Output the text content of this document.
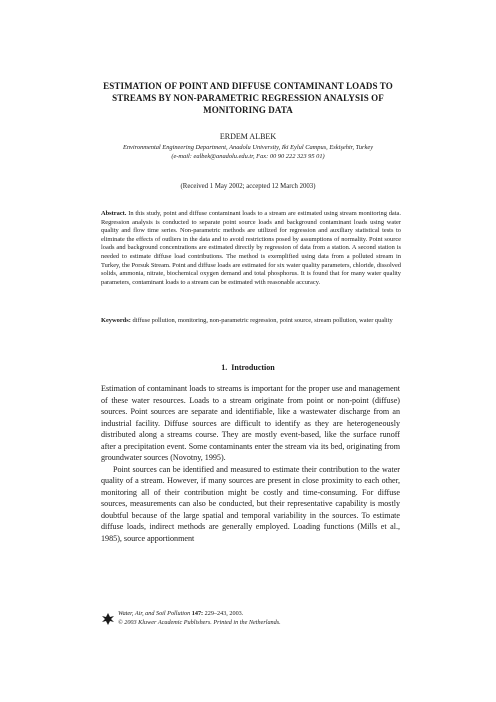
ESTIMATION OF POINT AND DIFFUSE CONTAMINANT LOADS TO
STREAMS BY NON-PARAMETRIC REGRESSION ANALYSIS OF
MONITORING DATA
ERDEM ALBEK
Environmental Engineering Department, Anadolu University, Iki Eylul Campus, Eskişehir, Turkey
(e-mail: ealbek@anadolu.edu.tr, Fax: 00 90 222 323 95 01)
(Received 1 May 2002; accepted 12 March 2003)
Abstract. In this study, point and diffuse contaminant loads to a stream are estimated using stream monitoring data. Regression analysis is conducted to separate point source loads and background contaminant loads using water quality and flow time series. Non-parametric methods are utilized for regression and auxiliary statistical tests to eliminate the effects of outliers in the data and to avoid restrictions posed by assumptions of normality. Point source loads and background concentrations are estimated directly by regression of data from a station. A second station is needed to estimate diffuse load contributions. The method is exemplified using data from a polluted stream in Turkey, the Porsuk Stream. Point and diffuse loads are estimated for six water quality parameters, chloride, dissolved solids, ammonia, nitrate, biochemical oxygen demand and total phosphorus. It is found that for many water quality parameters, contaminant loads to a stream can be estimated with reasonable accuracy.
Keywords: diffuse pollution, monitoring, non-parametric regression, point source, stream pollution, water quality
1. Introduction

Estimation of contaminant loads to streams is important for the proper use and management of these water resources. Loads to a stream originate from point or non-point (diffuse) sources. Point sources are separate and identifiable, like a wastewater discharge from an industrial facility. Diffuse sources are difficult to identify as they are heterogeneously distributed along a streams course. They are mostly event-based, like the surface runoff after a precipitation event. Some contaminants enter the stream via its bed, originating from groundwater sources (Novotny, 1995).

Point sources can be identified and measured to estimate their contribution to the water quality of a stream. However, if many sources are present in close proximity to each other, monitoring all of their contribution might be costly and time-consuming. For diffuse sources, measurements can also be conducted, but their representative capability is mostly doubtful because of the large spatial and temporal variability in the sources. To estimate diffuse loads, indirect methods are generally employed. Loading functions (Mills et al., 1985), source apportionment

Water, Air, and Soil Pollution 147: 229–243, 2003.
© 2003 Kluwer Academic Publishers. Printed in the Netherlands.
